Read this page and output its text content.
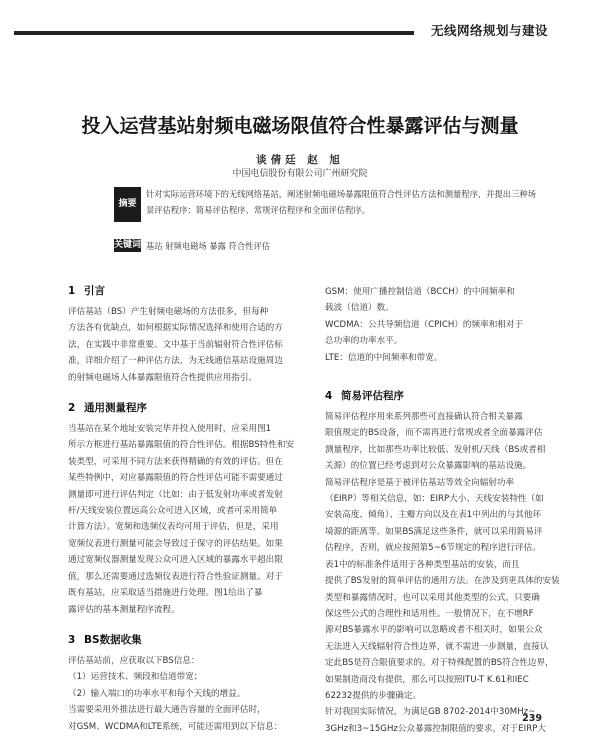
无线网络规划与建设
投入运营基站射频电磁场限值符合性暴露评估与测量
谈倩廷 赵 旭
中国电信股份有限公司广州研究院
摘要
针对实际运营环境下的无线网络基站，阐述射频电磁场暴露限值符合性评估方法和测量程序，并提出三种场
景评估程序：简易评估程序、常规评估程序和全面评估程序。
关键词 基站 射频电磁场 暴露 符合性评估
1 引言
评估基站（BS）产生射频电磁场的方法很多，但每种
方法各有优缺点，如何根据实际情况选择和使用合适的方
法，在实践中非常重要。文中基于当前辐射符合性评估标
准，详细介绍了一种评估方法，为无线通信基站设施周边
的射频电磁场人体暴露限值符合性提供应用指引。
2 通用测量程序
当基站在某个地址安装完毕并投入使用时，应采用图1
所示方框进行基站暴露限值的符合性评估。根据BS特性和安
装类型，可采用不同方法来获得精确的有效的评估。但在
某些特例中，对应暴露限值的符合性评估可能不需要通过
测量即可进行评估判定（比如：由于低发射功率或者发射
杆/天线安装位置远高公众可进入区域，或者可采用简单
计算方法）。宽频和选频仪表均可用于评估，但是，采用
宽频仪表进行测量可能会导致过于保守的评估结果。如果
通过宽频仪器测量发现公众可进入区域的暴露水平超出限
值，那么还需要通过选频仪表进行符合性验证测量。对于
既有基站，应采取适当措施进行处理。图1给出了暴
露评估的基本测量程序流程。
3 BS数据收集
评估基站前，应获取以下BS信息：
（1）运营技术、频段和信道带宽；
（2）输入端口的功率水平和每个天线的增益。
当需要采用外推法进行最大通告容量的全面评估时，
对GSM、WCDMA和LTE系统，可能还需用到以下信息：
GSM：使用广播控制信道（BCCH）的中间频率和
载波（信道）数。
WCDMA：公共导频信道（CPICH）的频率和相对于
总功率的功率水平。
LTE：信道的中间频率和带宽。
4 简易评估程序
简易评估程序用来系列那些可直接确认符合相关暴露
限值规定的BS设备，而不需再进行常规或者全面暴露评估
测量程序，比如那些功率比较低、发射机/天线（BS或者相
关源）的位置已经考虑到对公众暴露影响的基站设施。
简易评估程序是基于被评估基站等效全向辐射功率
（EIRP）等相关信息，如：EIRP大小、天线安装特性（如
安装高度、倾角）、主瓣方向以及在表1中列出的与其他环
境源的距离等。如果BS满足这些条件，就可以采用简易评
估程序，否则，就应按照第5~6节规定的程序进行评估。
表1中的标准条件适用于各种类型基站的安装，而且
提供了BS发射的简单评估的通用方法。在涉及到更具体的安装
类型和暴露情况时，也可以采用其他类型的公式，只要确
保这些公式的合理性和适用性。一般情况下，在不增RF
源对BS暴露水平的影响可以忽略或者不相关时，如果公众
无法进入天线辐射符合性边界，就不需进一步测量，直接认
定此BS是符合限值要求的。对于特殊配置的BS符合性边界，
如果制造商没有提供，那么可以按照ITU-T K.61和IEC
62232提供的步骤确定。
针对我国实际情况，为满足GB 8702-2014中30MHz~
3GHz和3~15GHz公众暴露控制限值的要求，对于EIRP大
239
